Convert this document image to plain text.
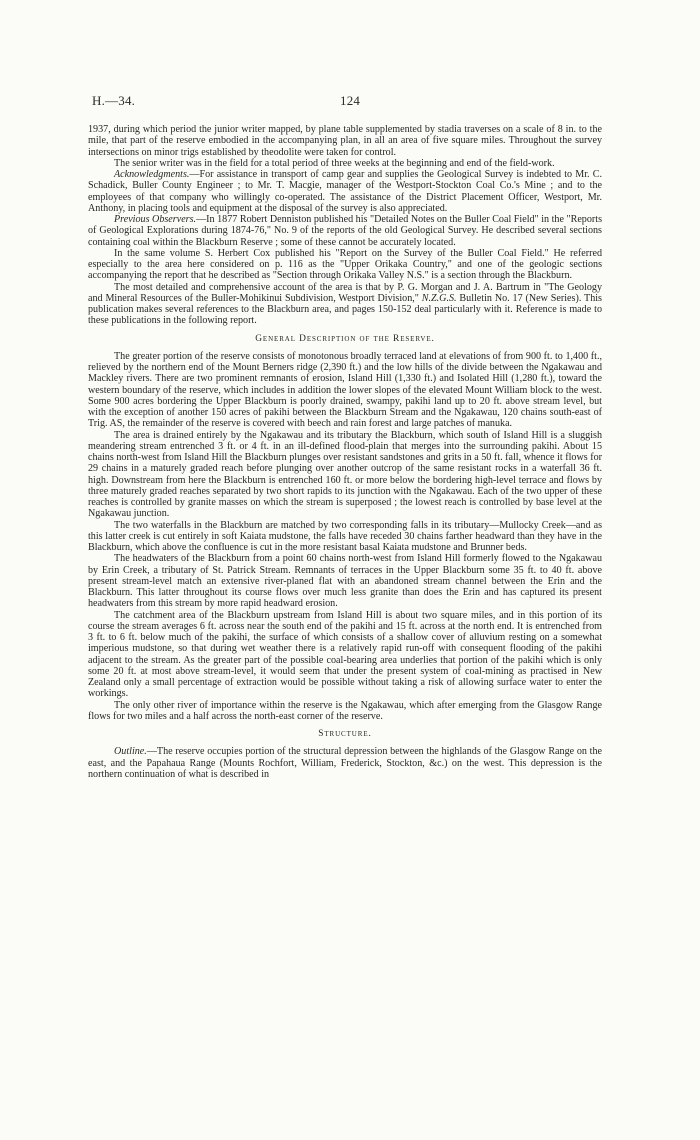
H.—34.	124

1937, during which period the junior writer mapped, by plane table supplemented by stadia traverses on a scale of 8 in. to the mile, that part of the reserve embodied in the accompanying plan, in all an area of five square miles. Throughout the survey intersections on minor trigs established by theodolite were taken for control.

The senior writer was in the field for a total period of three weeks at the beginning and end of the field-work.

Acknowledgments.—For assistance in transport of camp gear and supplies the Geological Survey is indebted to Mr. C. Schadick, Buller County Engineer ; to Mr. T. Macgie, manager of the Westport-Stockton Coal Co.'s Mine ; and to the employees of that company who willingly co-operated. The assistance of the District Placement Officer, Westport, Mr. Anthony, in placing tools and equipment at the disposal of the survey is also appreciated.

Previous Observers.—In 1877 Robert Denniston published his "Detailed Notes on the Buller Coal Field" in the "Reports of Geological Explorations during 1874-76," No. 9 of the reports of the old Geological Survey. He described several sections containing coal within the Blackburn Reserve ; some of these cannot be accurately located.

In the same volume S. Herbert Cox published his "Report on the Survey of the Buller Coal Field." He referred especially to the area here considered on p. 116 as the "Upper Orikaka Country," and one of the geologic sections accompanying the report that he described as "Section through Orikaka Valley N.S." is a section through the Blackburn.

The most detailed and comprehensive account of the area is that by P. G. Morgan and J. A. Bartrum in "The Geology and Mineral Resources of the Buller-Mohikinui Subdivision, Westport Division," N.Z.G.S. Bulletin No. 17 (New Series). This publication makes several references to the Blackburn area, and pages 150-152 deal particularly with it. Reference is made to these publications in the following report.

General Description of the Reserve.

The greater portion of the reserve consists of monotonous broadly terraced land at elevations of from 900 ft. to 1,400 ft., relieved by the northern end of the Mount Berners ridge (2,390 ft.) and the low hills of the divide between the Ngakawau and Mackley rivers. There are two prominent remnants of erosion, Island Hill (1,330 ft.) and Isolated Hill (1,280 ft.), toward the western boundary of the reserve, which includes in addition the lower slopes of the elevated Mount William block to the west. Some 900 acres bordering the Upper Blackburn is poorly drained, swampy, pakihi land up to 20 ft. above stream level, but with the exception of another 150 acres of pakihi between the Blackburn Stream and the Ngakawau, 120 chains south-east of Trig. AS, the remainder of the reserve is covered with beech and rain forest and large patches of manuka.

The area is drained entirely by the Ngakawau and its tributary the Blackburn, which south of Island Hill is a sluggish meandering stream entrenched 3 ft. or 4 ft. in an ill-defined flood-plain that merges into the surrounding pakihi. About 15 chains north-west from Island Hill the Blackburn plunges over resistant sandstones and grits in a 50 ft. fall, whence it flows for 29 chains in a maturely graded reach before plunging over another outcrop of the same resistant rocks in a waterfall 36 ft. high. Downstream from here the Blackburn is entrenched 160 ft. or more below the bordering high-level terrace and flows by three maturely graded reaches separated by two short rapids to its junction with the Ngakawau. Each of the two upper of these reaches is controlled by granite masses on which the stream is superposed ; the lowest reach is controlled by base level at the Ngakawau junction.

The two waterfalls in the Blackburn are matched by two corresponding falls in its tributary—Mullocky Creek—and as this latter creek is cut entirely in soft Kaiata mudstone, the falls have receded 30 chains farther headward than they have in the Blackburn, which above the confluence is cut in the more resistant basal Kaiata mudstone and Brunner beds.

The headwaters of the Blackburn from a point 60 chains north-west from Island Hill formerly flowed to the Ngakawau by Erin Creek, a tributary of St. Patrick Stream. Remnants of terraces in the Upper Blackburn some 35 ft. to 40 ft. above present stream-level match an extensive river-planed flat with an abandoned stream channel between the Erin and the Blackburn. This latter throughout its course flows over much less granite than does the Erin and has captured its present headwaters from this stream by more rapid headward erosion.

The catchment area of the Blackburn upstream from Island Hill is about two square miles, and in this portion of its course the stream averages 6 ft. across near the south end of the pakihi and 15 ft. across at the north end. It is entrenched from 3 ft. to 6 ft. below much of the pakihi, the surface of which consists of a shallow cover of alluvium resting on a somewhat imperious mudstone, so that during wet weather there is a relatively rapid run-off with consequent flooding of the pakihi adjacent to the stream. As the greater part of the possible coal-bearing area underlies that portion of the pakihi which is only some 20 ft. at most above stream-level, it would seem that under the present system of coal-mining as practised in New Zealand only a small percentage of extraction would be possible without taking a risk of allowing surface water to enter the workings.

The only other river of importance within the reserve is the Ngakawau, which after emerging from the Glasgow Range flows for two miles and a half across the north-east corner of the reserve.

Structure.

Outline.—The reserve occupies portion of the structural depression between the highlands of the Glasgow Range on the east, and the Papahaua Range (Mounts Rochfort, William, Frederick, Stockton, &c.) on the west. This depression is the northern continuation of what is described in
